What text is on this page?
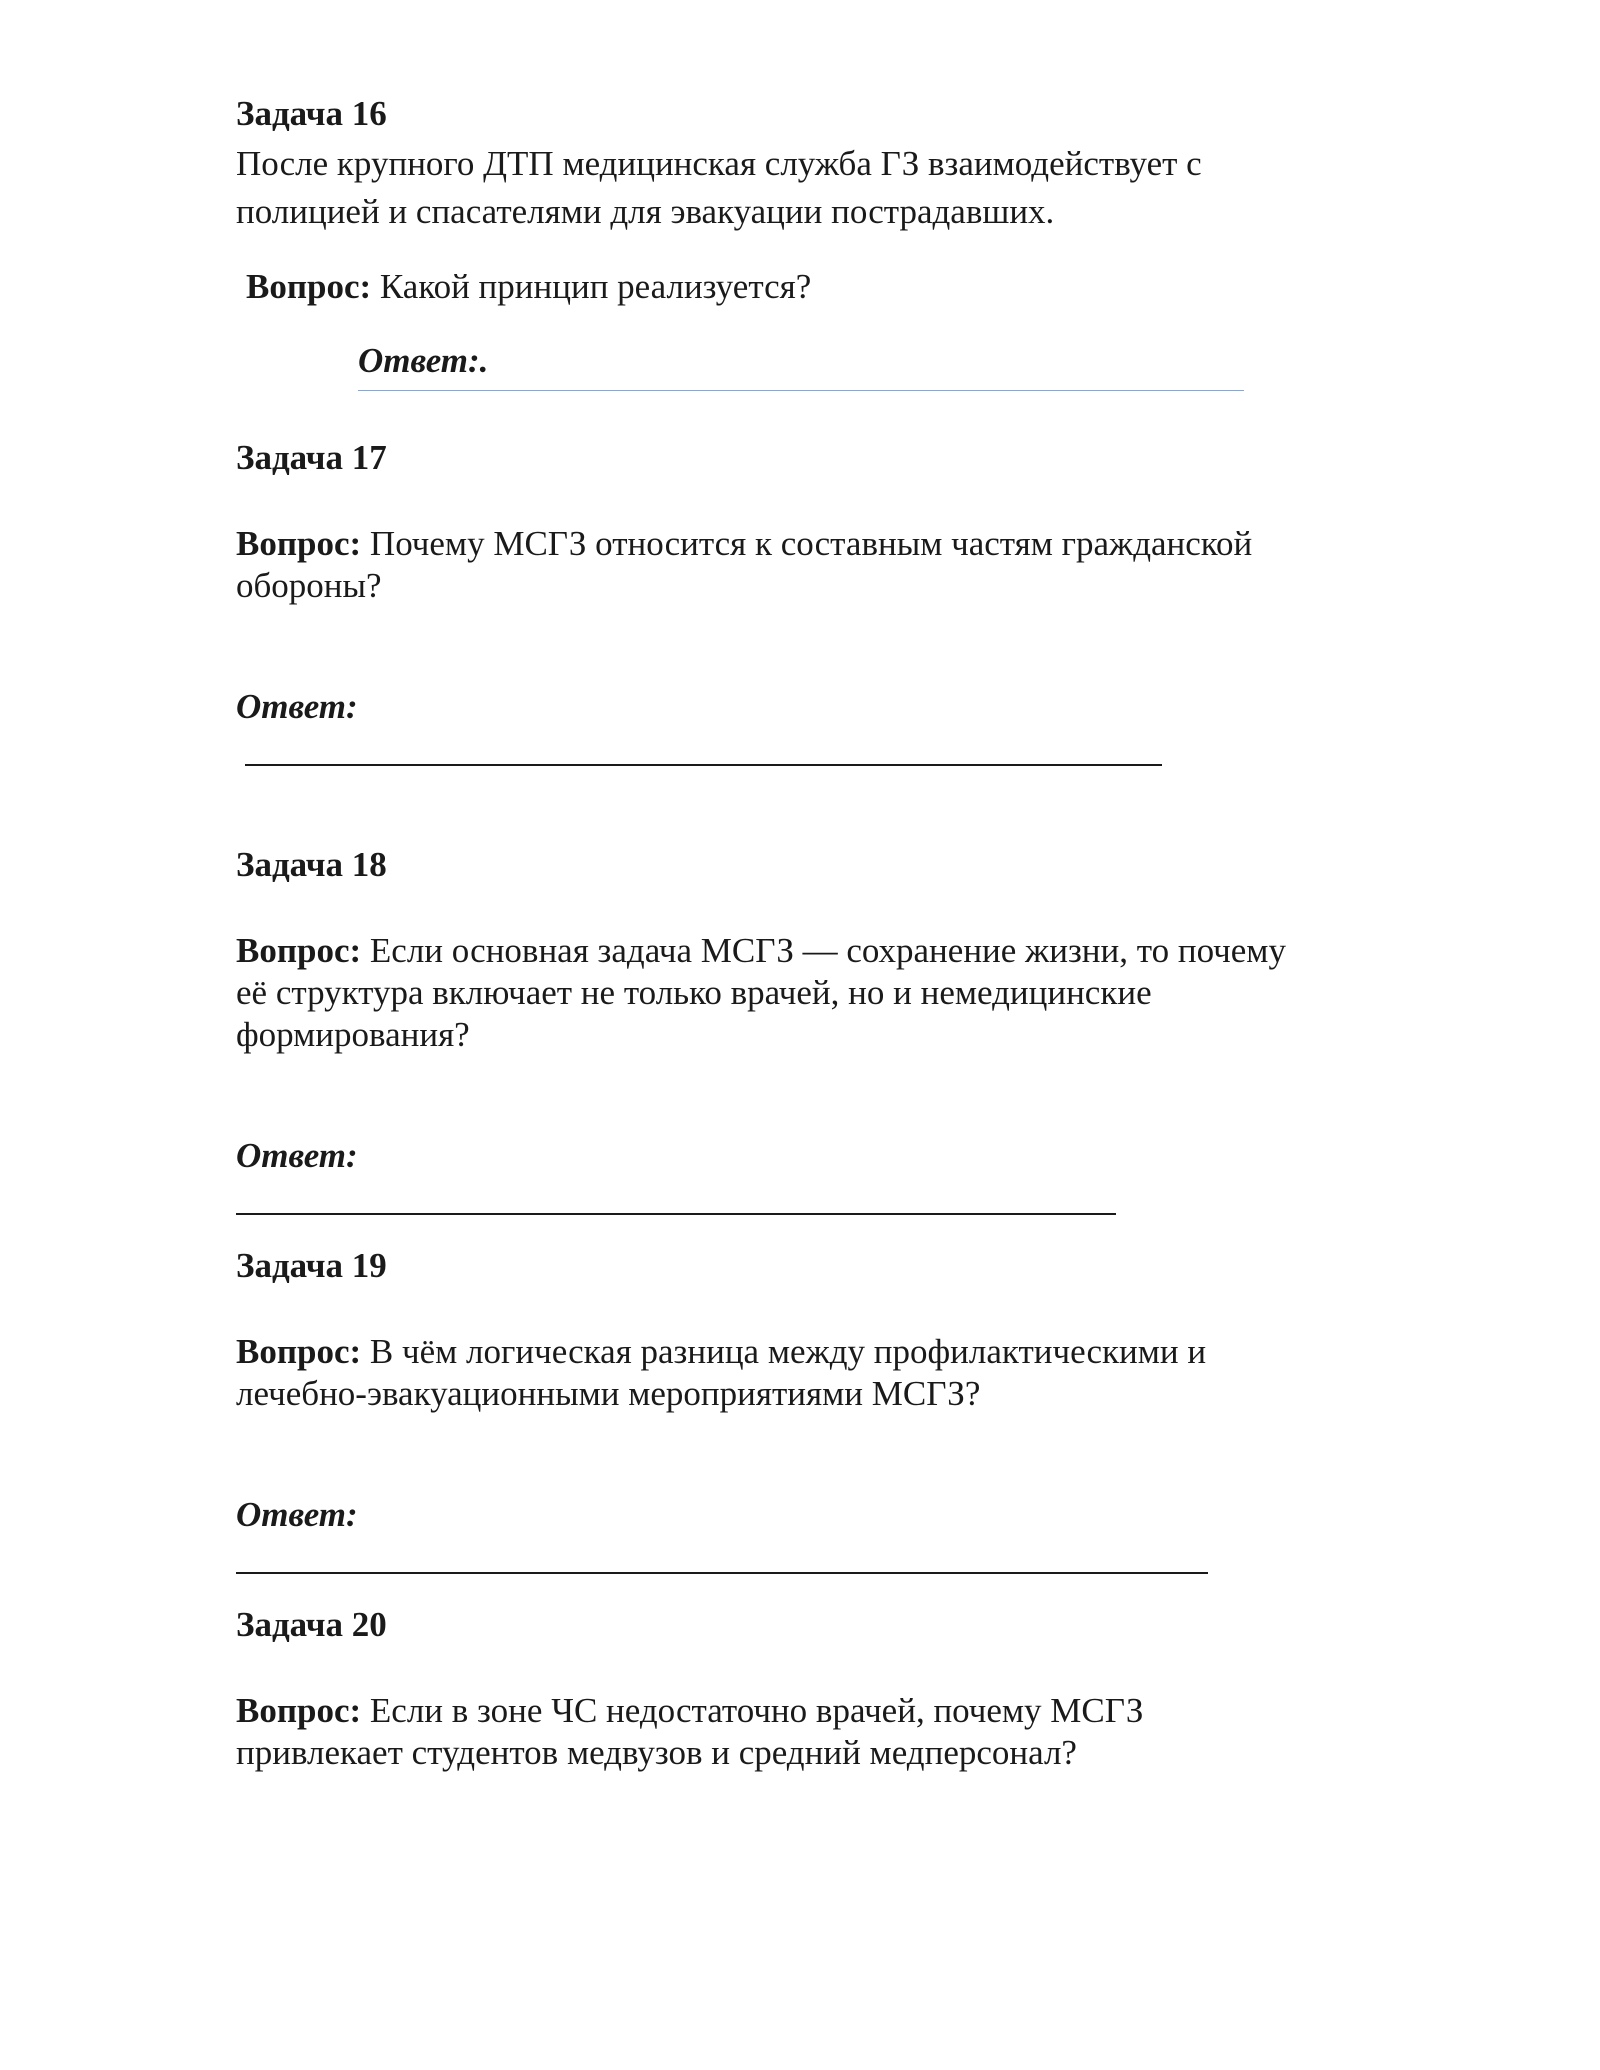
Задача 16
После крупного ДТП медицинская служба ГЗ взаимодействует с
полицией и спасателями для эвакуации пострадавших.
Вопрос: Какой принцип реализуется?
Ответ:.
Задача 17
Вопрос: Почему МСГЗ относится к составным частям гражданской
обороны?
Ответ:
Задача 18
Вопрос: Если основная задача МСГЗ — сохранение жизни, то почему
её структура включает не только врачей, но и немедицинские
формирования?
Ответ:
Задача 19
Вопрос: В чём логическая разница между профилактическими и
лечебно-эвакуационными мероприятиями МСГЗ?
Ответ:
Задача 20
Вопрос: Если в зоне ЧС недостаточно врачей, почему МСГЗ
привлекает студентов медвузов и средний медперсонал?
